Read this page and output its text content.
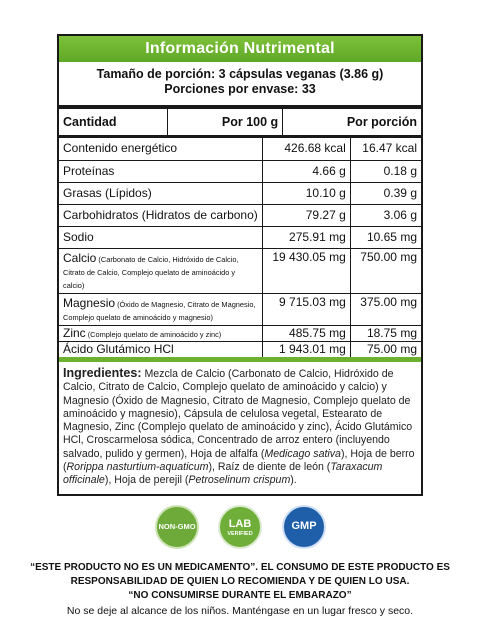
Información Nutrimental
Tamaño de porción: 3 cápsulas veganas (3.86 g)
Porciones por envase: 33
Cantidad	Por 100 g	Por porción
Contenido energético	426.68 kcal	16.47 kcal
Proteínas	4.66 g	0.18 g
Grasas (Lípidos)	10.10 g	0.39 g
Carbohidratos (Hidratos de carbono)	79.27 g	3.06 g
Sodio	275.91 mg	10.65 mg
Calcio (Carbonato de Calcio, Hidróxido de Calcio, Citrato de Calcio, Complejo quelato de aminoácido y calcio)	19 430.05 mg	750.00 mg
Magnesio (Óxido de Magnesio, Citrato de Magnesio, Complejo quelato de aminoácido y magnesio)	9 715.03 mg	375.00 mg
Zinc (Complejo quelato de aminoácido y zinc)	485.75 mg	18.75 mg
Ácido Glutámico HCl	1 943.01 mg	75.00 mg
Ingredientes: Mezcla de Calcio (Carbonato de Calcio, Hidróxido de Calcio, Citrato de Calcio, Complejo quelato de aminoácido y calcio) y Magnesio (Óxido de Magnesio, Citrato de Magnesio, Complejo quelato de aminoácido y magnesio), Cápsula de celulosa vegetal, Estearato de Magnesio, Zinc (Complejo quelato de aminoácido y zinc), Ácido Glutámico HCl, Croscarmelosa sódica, Concentrado de arroz entero (incluyendo salvado, pulido y germen), Hoja de alfalfa (Medicago sativa), Hoja de berro (Rorippa nasturtium-aquaticum), Raíz de diente de león (Taraxacum officinale), Hoja de perejil (Petroselinum crispum).
NON-GMO	LAB
VERIFIED
GMP
“ESTE PRODUCTO NO ES UN MEDICAMENTO”. EL CONSUMO DE ESTE PRODUCTO ES
RESPONSABILIDAD DE QUIEN LO RECOMIENDA Y DE QUIEN LO USA.
“NO CONSUMIRSE DURANTE EL EMBARAZO”
No se deje al alcance de los niños. Manténgase en un lugar fresco y seco.
